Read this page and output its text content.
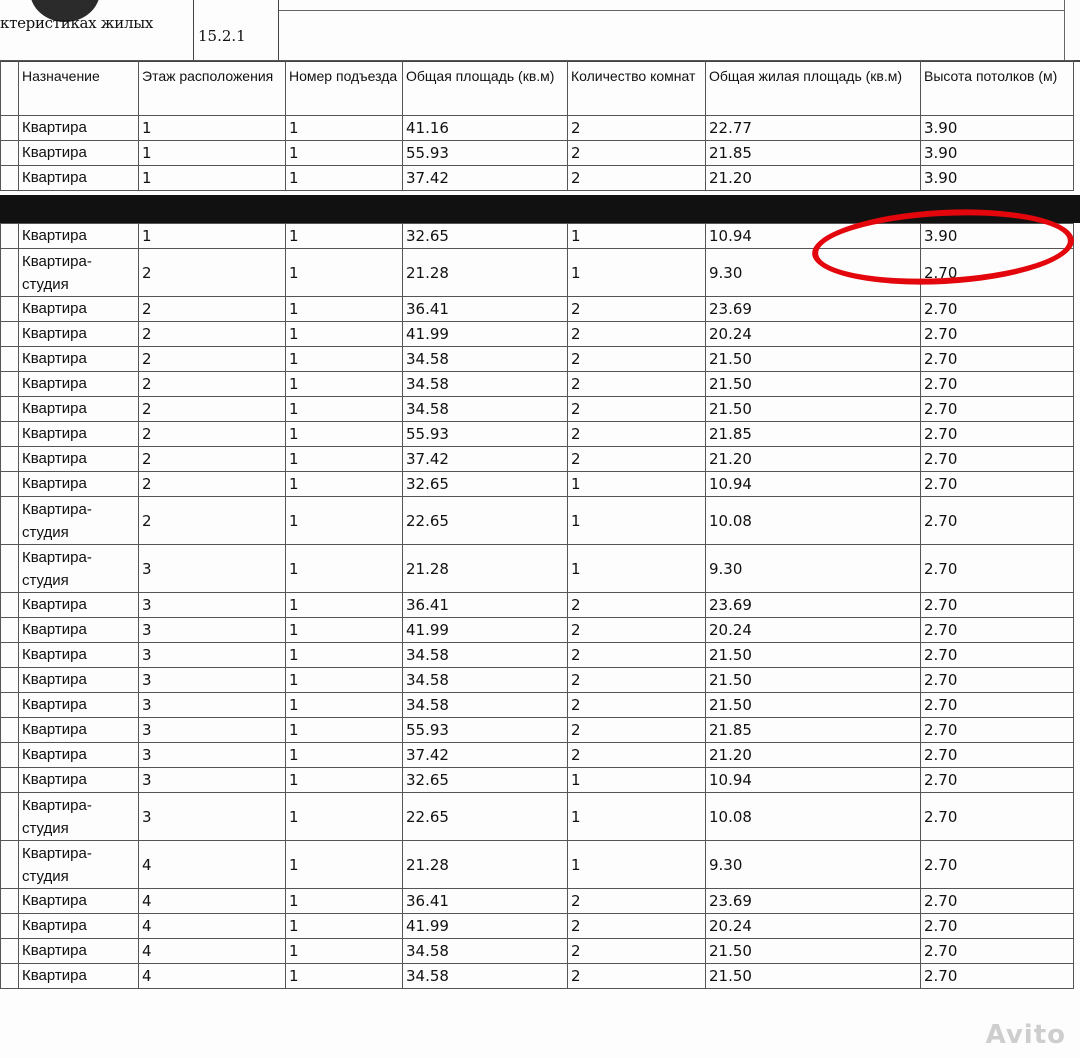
ктеристиках жилых
15.2.1
	Назначение	Этаж расположения	Номер подъезда	Общая площадь (кв.м)	Количество комнат	Общая жилая площадь (кв.м)	Высота потолков (м)
	Квартира	1	1	41.16	2	22.77	3.90
	Квартира	1	1	55.93	2	21.85	3.90
	Квартира	1	1	37.42	2	21.20	3.90

	Квартира	1	1	32.65	1	10.94	3.90
	Квартира-студия	2	1	21.28	1	9.30	2.70
	Квартира	2	1	36.41	2	23.69	2.70
	Квартира	2	1	41.99	2	20.24	2.70
	Квартира	2	1	34.58	2	21.50	2.70
	Квартира	2	1	34.58	2	21.50	2.70
	Квартира	2	1	34.58	2	21.50	2.70
	Квартира	2	1	55.93	2	21.85	2.70
	Квартира	2	1	37.42	2	21.20	2.70
	Квартира	2	1	32.65	1	10.94	2.70
	Квартира-студия	2	1	22.65	1	10.08	2.70
	Квартира-студия	3	1	21.28	1	9.30	2.70
	Квартира	3	1	36.41	2	23.69	2.70
	Квартира	3	1	41.99	2	20.24	2.70
	Квартира	3	1	34.58	2	21.50	2.70
	Квартира	3	1	34.58	2	21.50	2.70
	Квартира	3	1	34.58	2	21.50	2.70
	Квартира	3	1	55.93	2	21.85	2.70
	Квартира	3	1	37.42	2	21.20	2.70
	Квартира	3	1	32.65	1	10.94	2.70
	Квартира-студия	3	1	22.65	1	10.08	2.70
	Квартира-студия	4	1	21.28	1	9.30	2.70
	Квартира	4	1	36.41	2	23.69	2.70
	Квартира	4	1	41.99	2	20.24	2.70
	Квартира	4	1	34.58	2	21.50	2.70
	Квартира	4	1	34.58	2	21.50	2.70
Avito
